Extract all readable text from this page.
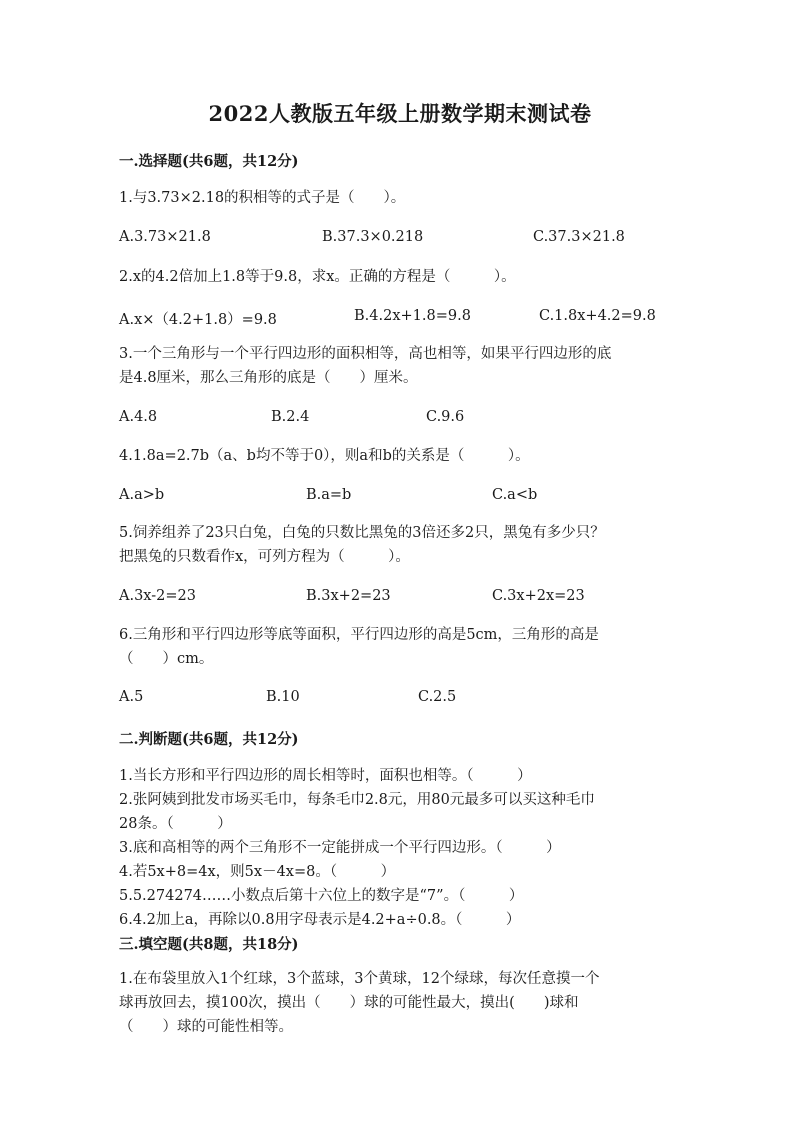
2022人教版五年级上册数学期末测试卷
一.选择题(共6题，共12分)
1.与3.73×2.18的积相等的式子是（　　）。
A.3.73×21.8	B.37.3×0.218	C.37.3×21.8
2.x的4.2倍加上1.8等于9.8，求x。正确的方程是（　　　）。
A.x×（4.2+1.8）=9.8	B.4.2x+1.8=9.8	C.1.8x+4.2=9.8
3.一个三角形与一个平行四边形的面积相等，高也相等，如果平行四边形的底
是4.8厘米，那么三角形的底是（　　）厘米。
A.4.8	B.2.4	C.9.6
4.1.8a=2.7b（a、b均不等于0），则a和b的关系是（　　　）。
A.a>b	B.a=b	C.a<b
5.饲养组养了23只白兔，白兔的只数比黑兔的3倍还多2只，黑兔有多少只？
把黑兔的只数看作x，可列方程为（　　　）。
A.3x-2=23	B.3x+2=23	C.3x+2x=23
6.三角形和平行四边形等底等面积，平行四边形的高是5cm，三角形的高是
（　　）cm。
A.5	B.10	C.2.5
二.判断题(共6题，共12分)
1.当长方形和平行四边形的周长相等时，面积也相等。（　　　）
2.张阿姨到批发市场买毛巾，每条毛巾2.8元，用80元最多可以买这种毛巾
28条。（　　　）
3.底和高相等的两个三角形不一定能拼成一个平行四边形。（　　　）
4.若5x+8=4x，则5x－4x=8。（　　　）
5.5.274274……小数点后第十六位上的数字是“7”。（　　　）
6.4.2加上a，再除以0.8用字母表示是4.2+a÷0.8。（　　　）
三.填空题(共8题，共18分)
1.在布袋里放入1个红球，3个蓝球，3个黄球，12个绿球，每次任意摸一个
球再放回去，摸100次，摸出（　　）球的可能性最大，摸出(　　)球和
（　　）球的可能性相等。
